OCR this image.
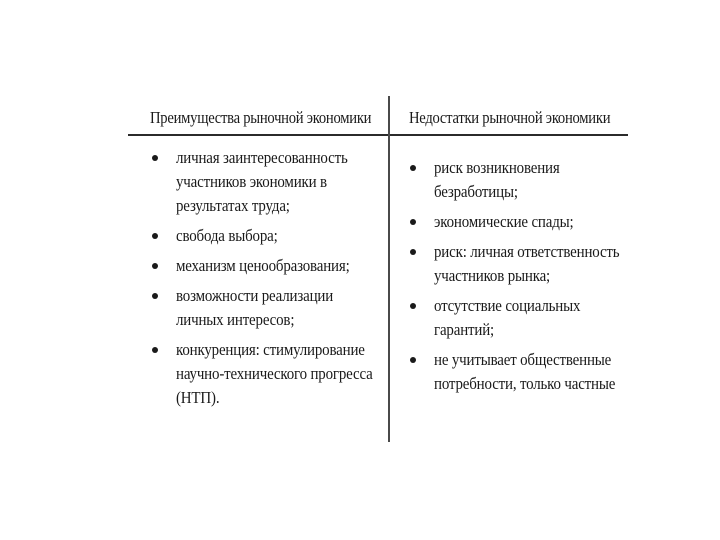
Преимущества рыночной экономики Недостатки рыночной экономики
личная заинтересованность участников экономики в результатах труда;
свобода выбора;
механизм ценообразования;
возможности реализации личных интересов;
конкуренция: стимулирование научно-технического прогресса (НТП).
риск возникновения безработицы;
экономические спады;
риск: личная ответственность участников рынка;
отсутствие социальных гарантий;
не учитывает общественные потребности, только частные
